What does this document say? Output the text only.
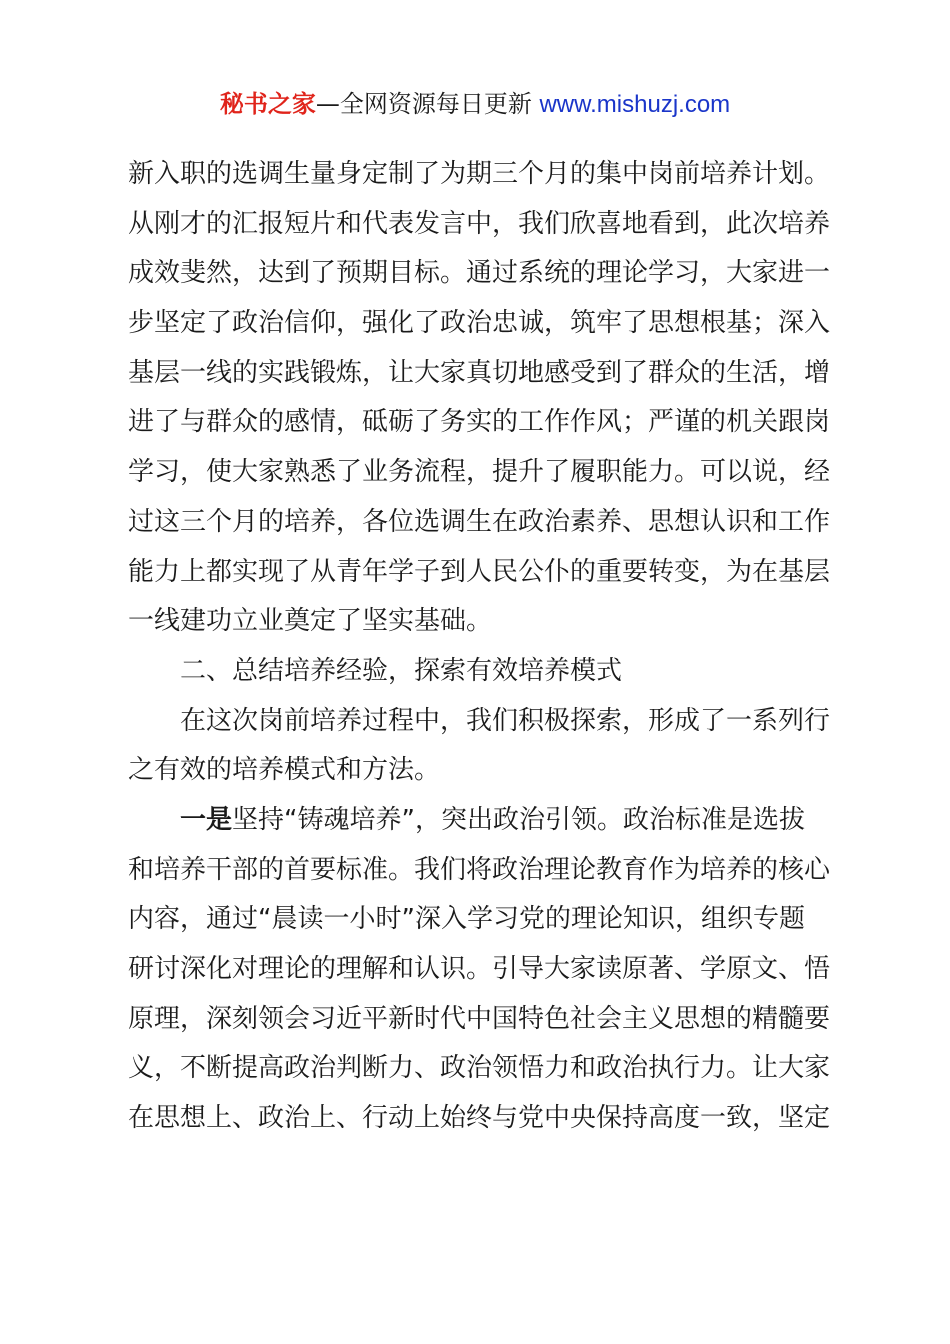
秘书之家—全网资源每日更新 www.mishuzj.com
新入职的选调生量身定制了为期三个月的集中岗前培养计划。
从刚才的汇报短片和代表发言中，我们欣喜地看到，此次培养
成效斐然，达到了预期目标。通过系统的理论学习，大家进一
步坚定了政治信仰，强化了政治忠诚，筑牢了思想根基；深入
基层一线的实践锻炼，让大家真切地感受到了群众的生活，增
进了与群众的感情，砥砺了务实的工作作风；严谨的机关跟岗
学习，使大家熟悉了业务流程，提升了履职能力。可以说，经
过这三个月的培养，各位选调生在政治素养、思想认识和工作
能力上都实现了从青年学子到人民公仆的重要转变，为在基层
一线建功立业奠定了坚实基础。
二、总结培养经验，探索有效培养模式
在这次岗前培养过程中，我们积极探索，形成了一系列行
之有效的培养模式和方法。
一是坚持“铸魂培养”，突出政治引领。政治标准是选拔
和培养干部的首要标准。我们将政治理论教育作为培养的核心
内容，通过“晨读一小时”深入学习党的理论知识，组织专题
研讨深化对理论的理解和认识。引导大家读原著、学原文、悟
原理，深刻领会习近平新时代中国特色社会主义思想的精髓要
义，不断提高政治判断力、政治领悟力和政治执行力。让大家
在思想上、政治上、行动上始终与党中央保持高度一致，坚定
